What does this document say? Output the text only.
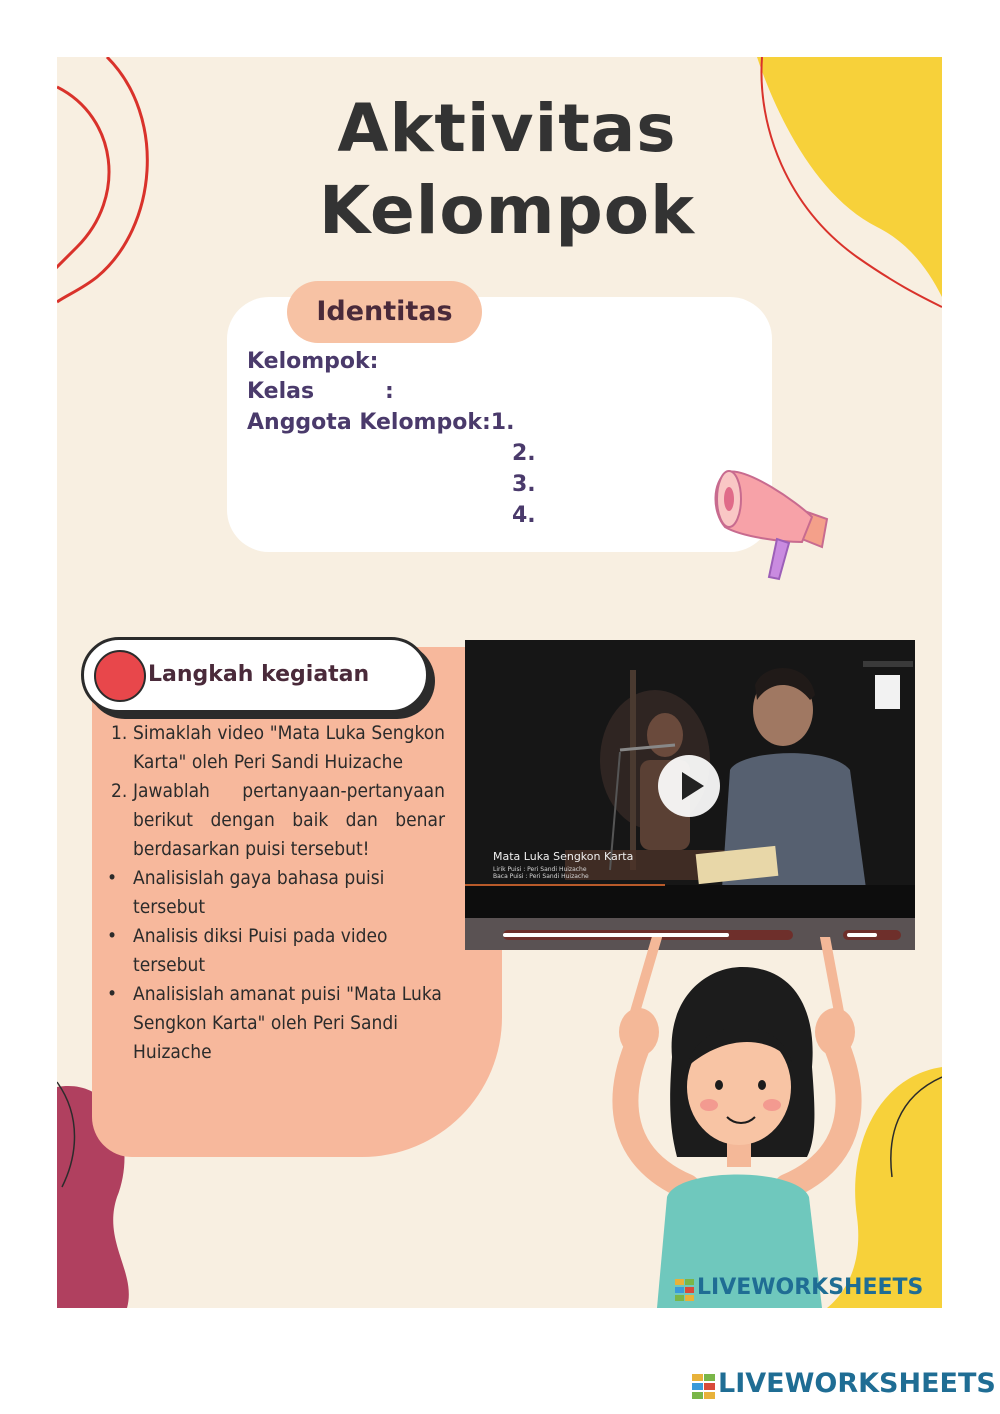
Aktivitas
Kelompok
Identitas
Kelompok:
Kelas	:
Anggota Kelompok:1.
2.
3.
4.
Langkah kegiatan
1. Simaklah video "Mata Luka Sengkon Karta" oleh Peri Sandi Huizache
2. Jawablah pertanyaan-pertanyaan berikut dengan baik dan benar berdasarkan puisi tersebut!
• Analisislah gaya bahasa puisi tersebut
• Analisis diksi Puisi pada video tersebut
• Analisislah amanat puisi "Mata Luka Sengkon Karta" oleh Peri Sandi Huizache
Mata Luka Sengkon Karta
Lirik Puisi : Peri Sandi Huizache
Baca Puisi : Peri Sandi Huizache
LIVEWORKSHEETS
LIVEWORKSHEETS
